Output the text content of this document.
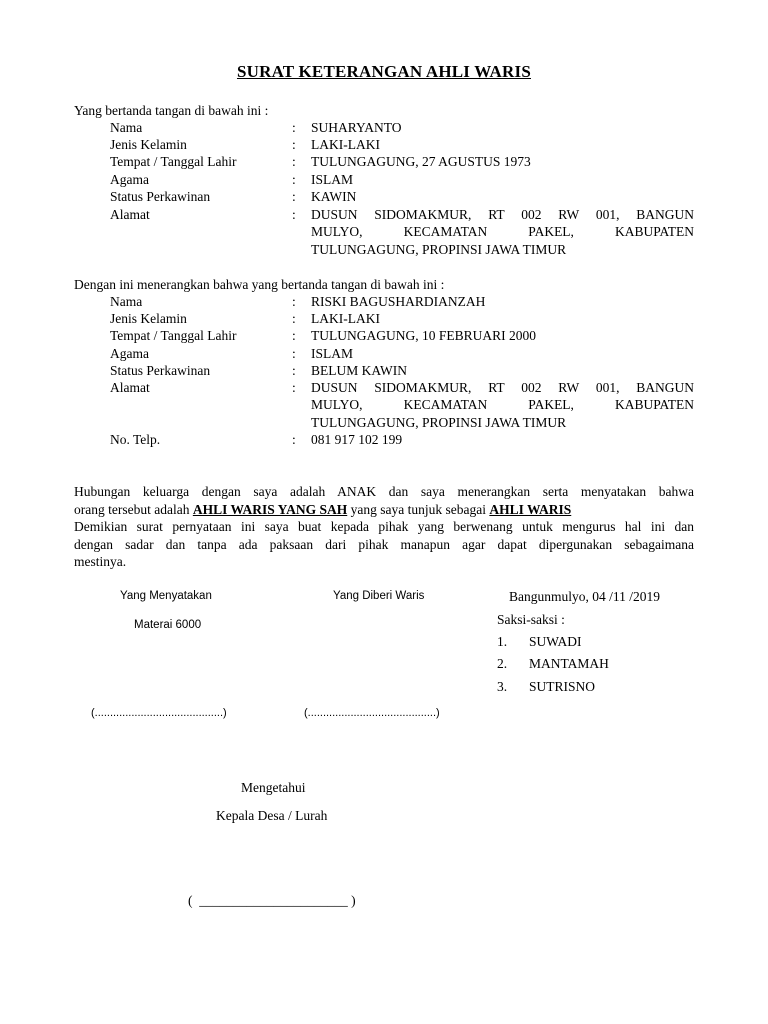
SURAT KETERANGAN AHLI WARIS
Yang bertanda tangan di bawah ini :
Nama	: SUHARYANTO
Jenis Kelamin	: LAKI-LAKI
Tempat / Tanggal Lahir	: TULUNGAGUNG, 27 AGUSTUS 1973
Agama	: ISLAM
Status Perkawinan	: KAWIN
Alamat	: DUSUN SIDOMAKMUR, RT 002 RW 001, BANGUN
MULYO, KECAMATAN PAKEL, KABUPATEN
TULUNGAGUNG, PROPINSI JAWA TIMUR
Dengan ini menerangkan bahwa yang bertanda tangan di bawah ini :
Nama	: RISKI BAGUSHARDIANZAH
Jenis Kelamin	: LAKI-LAKI
Tempat / Tanggal Lahir	: TULUNGAGUNG, 10 FEBRUARI 2000
Agama	: ISLAM
Status Perkawinan	: BELUM KAWIN
Alamat	: DUSUN SIDOMAKMUR, RT 002 RW 001, BANGUN
MULYO, KECAMATAN PAKEL, KABUPATEN
TULUNGAGUNG, PROPINSI JAWA TIMUR
No. Telp.	: 081 917 102 199
Hubungan keluarga dengan saya adalah ANAK dan saya menerangkan serta menyatakan bahwa
orang tersebut adalah AHLI WARIS YANG SAH yang saya tunjuk sebagai AHLI WARIS
Demikian surat pernyataan ini saya buat kepada pihak yang berwenang untuk mengurus hal ini dan
dengan sadar dan tanpa ada paksaan dari pihak manapun agar dapat dipergunakan sebagaimana
mestinya.
Yang Menyatakan
Materai 6000
Yang Diberi Waris	Bangunmulyo, 04 /11 /2019
Saksi-saksi :
1. SUWADI
2. MANTAMAH
3. SUTRISNO
(..........................................)	(..........................................)
Mengetahui
Kepala Desa / Lurah
(  ______________________ )
